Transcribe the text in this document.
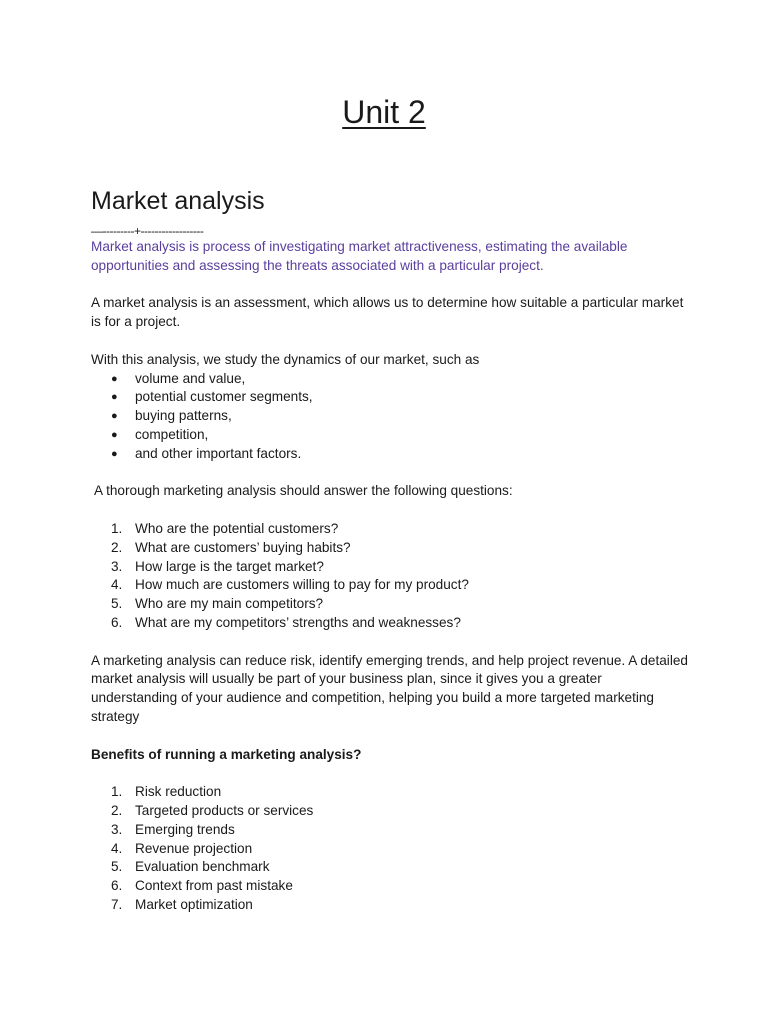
Unit 2
Market analysis
—---------+------------------

Market analysis is process of investigating market attractiveness, estimating the available opportunities and assessing the threats associated with a particular project.

A market analysis is an assessment, which allows us to determine how suitable a particular market is for a project.

With this analysis, we study the dynamics of our market, such as

● volume and value,
● potential customer segments,
● buying patterns,
● competition,
● and other important factors.

A thorough marketing analysis should answer the following questions:

1. Who are the potential customers?
2. What are customers’ buying habits?
3. How large is the target market?
4. How much are customers willing to pay for my product?
5. Who are my main competitors?
6. What are my competitors’ strengths and weaknesses?

A marketing analysis can reduce risk, identify emerging trends, and help project revenue. A detailed market analysis will usually be part of your business plan, since it gives you a greater understanding of your audience and competition, helping you build a more targeted marketing strategy

Benefits of running a marketing analysis?

1. Risk reduction
2. Targeted products or services
3. Emerging trends
4. Revenue projection
5. Evaluation benchmark
6. Context from past mistake
7. Market optimization
